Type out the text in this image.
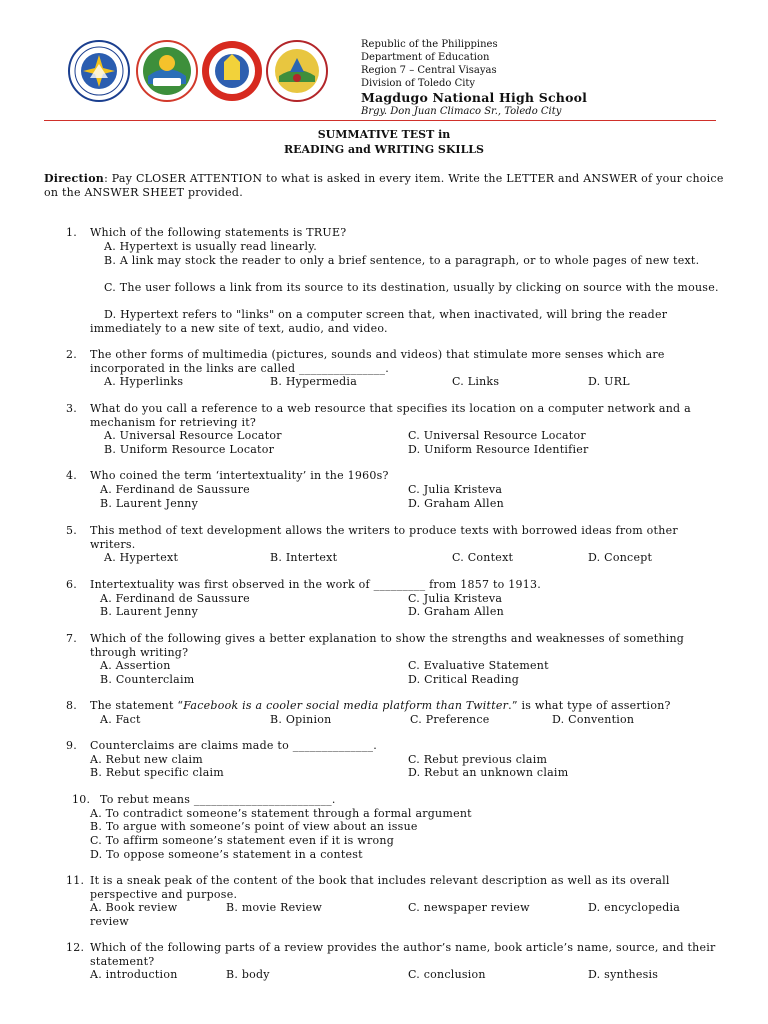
Republic of the Philippines
Department of Education
Region 7 – Central Visayas
Division of Toledo City
Magdugo National High School
Brgy. Don Juan Climaco Sr., Toledo City
SUMMATIVE TEST in
READING and WRITING SKILLS
Direction: Pay CLOSER ATTENTION to what is asked in every item. Write the LETTER and ANSWER of your choice on the ANSWER SHEET provided.
1. Which of the following statements is TRUE?
A. Hypertext is usually read linearly.
B. A link may stock the reader to only a brief sentence, to a paragraph, or to whole pages of new text.
C. The user follows a link from its source to its destination, usually by clicking on source with the mouse.
D. Hypertext refers to "links" on a computer screen that, when inactivated, will bring the reader immediately to a new site of text, audio, and video.
2. The other forms of multimedia (pictures, sounds and videos) that stimulate more senses which are incorporated in the links are called _______________.
A. Hyperlinks	B. Hypermedia	C. Links	D. URL
3. What do you call a reference to a web resource that specifies its location on a computer network and a mechanism for retrieving it?
A. Universal Resource Locator	C. Universal Resource Locator
B. Uniform Resource Locator	D. Uniform Resource Identifier
4. Who coined the term ‘intertextuality’ in the 1960s?
A. Ferdinand de Saussure	C. Julia Kristeva
B. Laurent Jenny	D. Graham Allen
5. This method of text development allows the writers to produce texts with borrowed ideas from other writers.
A. Hypertext	B. Intertext	C. Context	D. Concept
6. Intertextuality was first observed in the work of _________ from 1857 to 1913.
A. Ferdinand de Saussure	C. Julia Kristeva
B. Laurent Jenny	D. Graham Allen
7. Which of the following gives a better explanation to show the strengths and weaknesses of something through writing?
A. Assertion	C. Evaluative Statement
B. Counterclaim	D. Critical Reading
8. The statement “Facebook is a cooler social media platform than Twitter.” is what type of assertion?
A. Fact	B. Opinion	C. Preference	D. Convention
9. Counterclaims are claims made to ______________.
A. Rebut new claim	C. Rebut previous claim
B. Rebut specific claim	D. Rebut an unknown claim
10. To rebut means ________________________.
A. To contradict someone’s statement through a formal argument
B. To argue with someone’s point of view about an issue
C. To affirm someone’s statement even if it is wrong
D. To oppose someone’s statement in a contest
11. It is a sneak peak of the content of the book that includes relevant description as well as its overall perspective and purpose.
A. Book review	B. movie Review	C. newspaper review	D. encyclopedia review
12. Which of the following parts of a review provides the author’s name, book article’s name, source, and their statement?
A. introduction	B. body	C. conclusion	D. synthesis
